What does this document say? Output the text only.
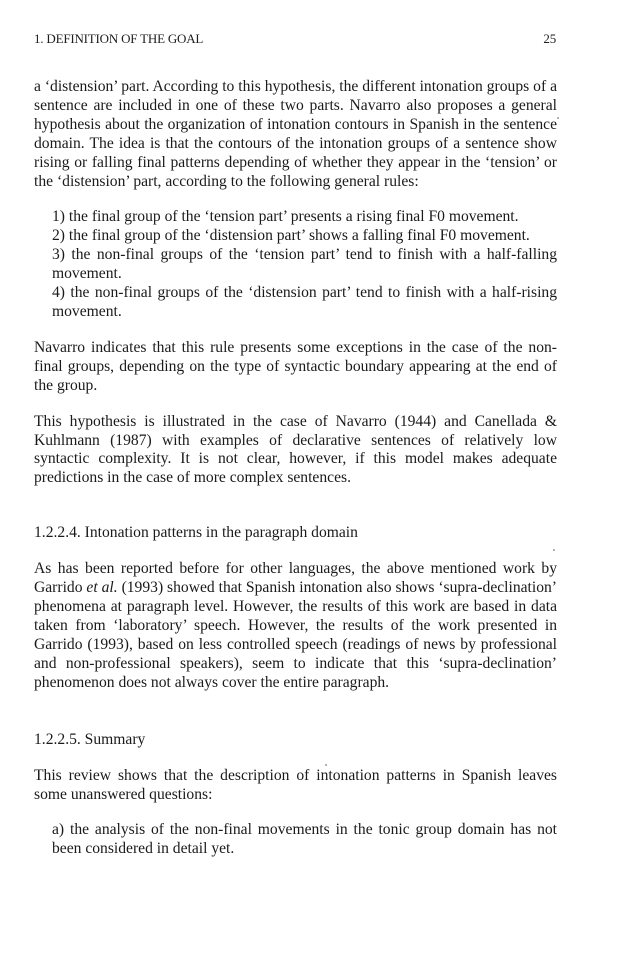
1. DEFINITION OF THE GOAL	25

a ‘distension’ part. According to this hypothesis, the different intonation groups of a sentence are included in one of these two parts. Navarro also proposes a general hypothesis about the organization of intonation contours in Spanish in the sentence domain. The idea is that the contours of the intonation groups of a sentence show rising or falling final patterns depending of whether they appear in the ‘tension’ or the ‘distension’ part, according to the following general rules:

1) the final group of the ‘tension part’ presents a rising final F0 movement.

2) the final group of the ‘distension part’ shows a falling final F0 movement.

3) the non-final groups of the ‘tension part’ tend to finish with a half-falling movement.

4) the non-final groups of the ‘distension part’ tend to finish with a half-rising movement.

Navarro indicates that this rule presents some exceptions in the case of the non-final groups, depending on the type of syntactic boundary appearing at the end of the group.

This hypothesis is illustrated in the case of Navarro (1944) and Canellada & Kuhlmann (1987) with examples of declarative sentences of relatively low syntactic complexity. It is not clear, however, if this model makes adequate predictions in the case of more complex sentences.

1.2.2.4. Intonation patterns in the paragraph domain

As has been reported before for other languages, the above mentioned work by Garrido et al. (1993) showed that Spanish intonation also shows ‘supra-declination’ phenomena at paragraph level. However, the results of this work are based in data taken from ‘laboratory’ speech. However, the results of the work presented in Garrido (1993), based on less controlled speech (readings of news by professional and non-professional speakers), seem to indicate that this ‘supra-declination’ phenomenon does not always cover the entire paragraph.

1.2.2.5. Summary

This review shows that the description of intonation patterns in Spanish leaves some unanswered questions:

a) the analysis of the non-final movements in the tonic group domain has not been considered in detail yet.
